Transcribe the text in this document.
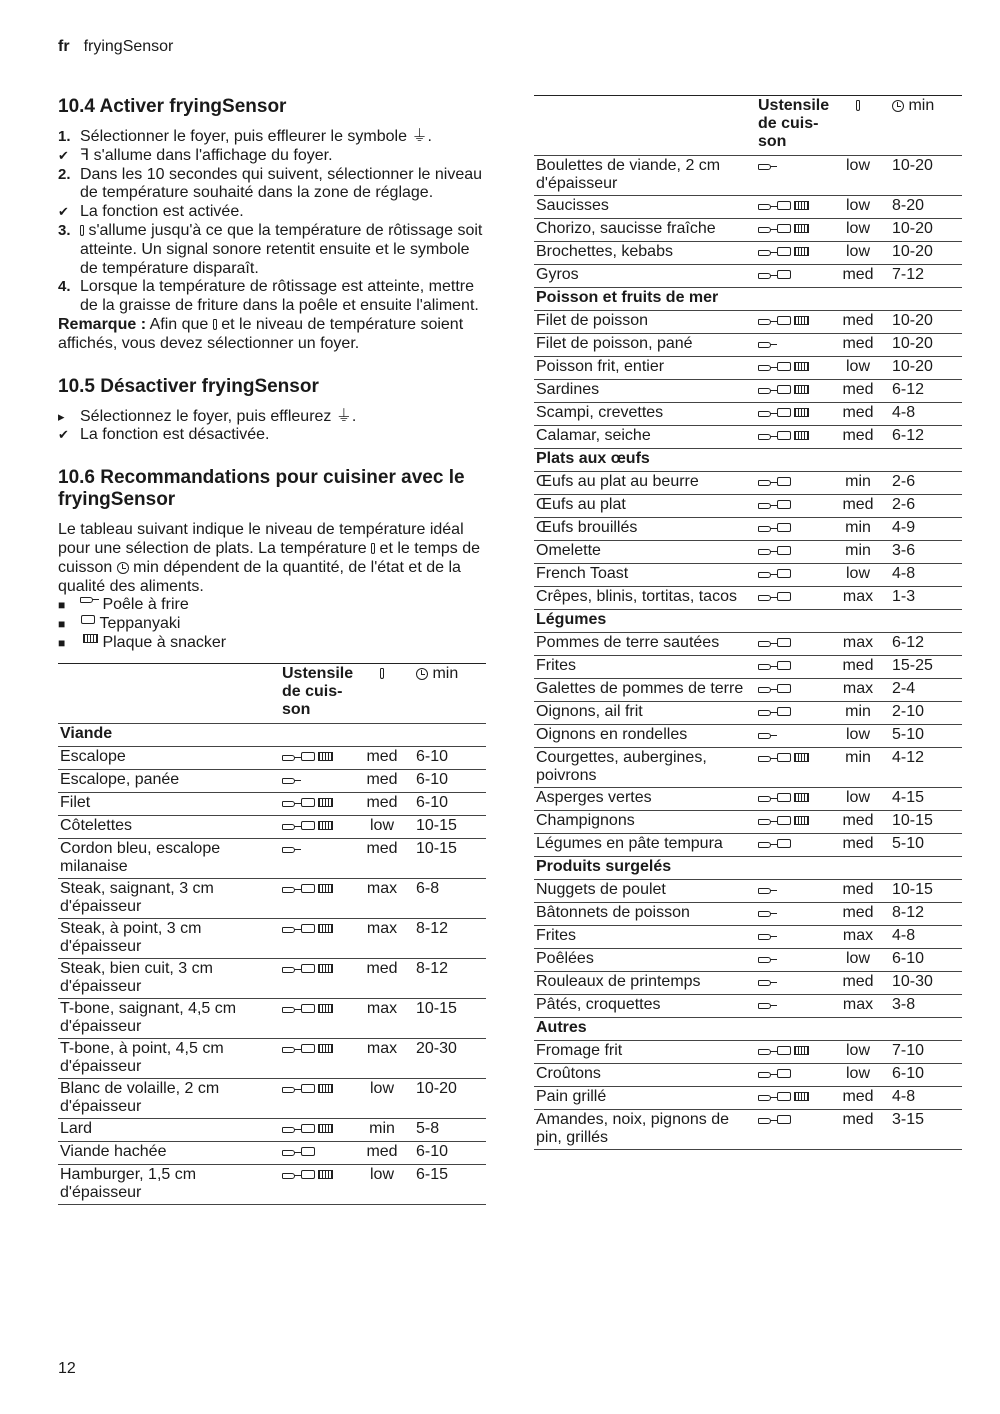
fr fryingSensor
10.4 Activer fryingSensor
1. Sélectionner le foyer, puis effleurer le symbole ⏚.
✔ ꟻ s'allume dans l'affichage du foyer.
2. Dans les 10 secondes qui suivent, sélectionner le niveau de température souhaité dans la zone de réglage.
✔ La fonction est activée.
3.	s'allume jusqu'à ce que la température de rôtissage soit atteinte. Un signal sonore retentit ensuite et le symbole de température disparaît.
4. Lorsque la température de rôtissage est atteinte, mettre de la graisse de friture dans la poêle et ensuite l'aliment.

Remarque : Afin que et le niveau de température soient affichés, vous devez sélectionner un foyer.

10.5 Désactiver fryingSensor
▸ Sélectionnez le foyer, puis effleurez ⏚.
✔ La fonction est désactivée.
10.6 Recommandations pour cuisiner avec le fryingSensor

Le tableau suivant indique le niveau de température idéal pour une sélection de plats. La température et le temps de cuisson min dépendent de la quantité, de l'état et de la qualité des aliments.

■
	Poêle à frire
■
	Teppanyaki
■
	Plaque à snacker
Ustensile de cuis-son
min
Viande
Escalope	med	6-10
Escalope, panée	med	6-10
Filet	med	6-10
Côtelettes	low	10-15
Cordon bleu, escalope milanaise
med	10-15
Steak, saignant, 3 cm d'épaisseur
max	6-8
Steak, à point, 3 cm d'épaisseur
max	8-12
Steak, bien cuit, 3 cm d'épaisseur
med	8-12
T-bone, saignant, 4,5 cm d'épaisseur
max	10-15
T-bone, à point, 4,5 cm d'épaisseur
max	20-30
Blanc de volaille, 2 cm d'épaisseur
low	10-20
Lard	min	5-8
Viande hachée	med	6-10
Hamburger, 1,5 cm d'épaisseur
low	6-15
Ustensile de cuis-son
min
Boulettes de viande, 2 cm d'épaisseur
low	10-20
Saucisses	low	8-20
Chorizo, saucisse fraîche	low	10-20
Brochettes, kebabs	low	10-20
Gyros	med	7-12
Poisson et fruits de mer
Filet de poisson	med	10-20
Filet de poisson, pané	med	10-20
Poisson frit, entier	low	10-20
Sardines	med	6-12
Scampi, crevettes	med	4-8
Calamar, seiche	med	6-12
Plats aux œufs
Œufs au plat au beurre	min	2-6
Œufs au plat	med	2-6
Œufs brouillés	min	4-9
Omelette	min	3-6
French Toast	low	4-8
Crêpes, blinis, tortitas, tacos	max	1-3
Légumes
Pommes de terre sautées	max	6-12
Frites	med	15-25
Galettes de pommes de terre	max	2-4
Oignons, ail frit	min	2-10
Oignons en rondelles	low	5-10
Courgettes, aubergines, poivrons
min	4-12
Asperges vertes	low	4-15
Champignons	med	10-15
Légumes en pâte tempura	med	5-10
Produits surgelés
Nuggets de poulet	med	10-15
Bâtonnets de poisson	med	8-12
Frites	max	4-8
Poêlées	low	6-10
Rouleaux de printemps	med	10-30
Pâtés, croquettes	max	3-8
Autres
Fromage frit	low	7-10
Croûtons	low	6-10
Pain grillé	med	4-8
Amandes, noix, pignons de pin, grillés
med	3-15
12
